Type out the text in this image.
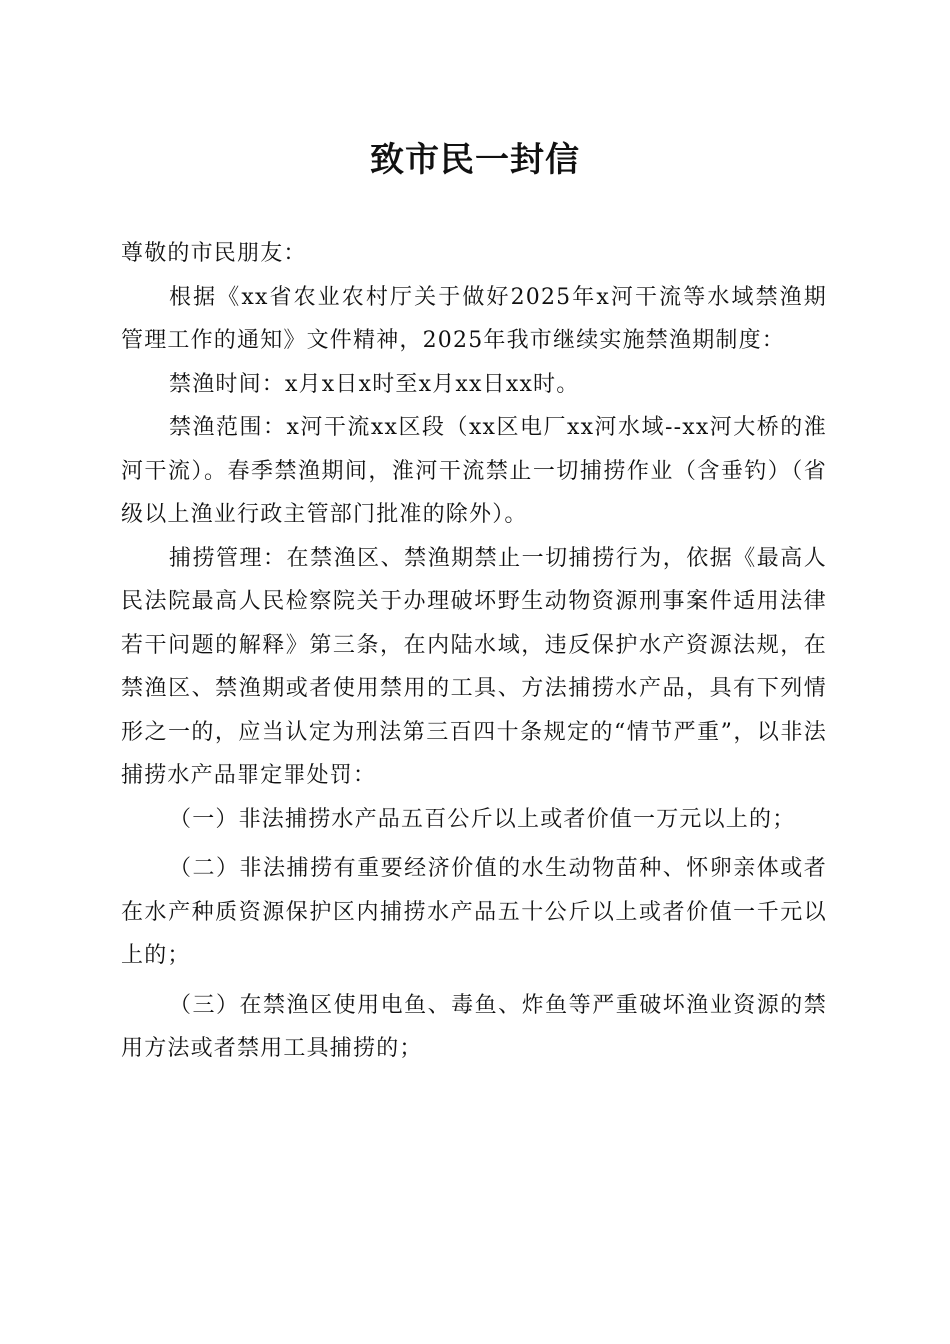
致市民一封信

尊敬的市民朋友：

根据《xx省农业农村厅关于做好2025年x河干流等水域禁渔期管理工作的通知》文件精神，2025年我市继续实施禁渔期制度：

禁渔时间：x月x日x时至x月xx日xx时。

禁渔范围：x河干流xx区段（xx区电厂xx河水域--xx河大桥的淮河干流）。春季禁渔期间，淮河干流禁止一切捕捞作业（含垂钓）（省级以上渔业行政主管部门批准的除外）。

捕捞管理：在禁渔区、禁渔期禁止一切捕捞行为，依据《最高人民法院最高人民检察院关于办理破坏野生动物资源刑事案件适用法律若干问题的解释》第三条，在内陆水域，违反保护水产资源法规，在禁渔区、禁渔期或者使用禁用的工具、方法捕捞水产品，具有下列情形之一的，应当认定为刑法第三百四十条规定的“情节严重”，以非法捕捞水产品罪定罪处罚：

（一）非法捕捞水产品五百公斤以上或者价值一万元以上的；

（二）非法捕捞有重要经济价值的水生动物苗种、怀卵亲体或者在水产种质资源保护区内捕捞水产品五十公斤以上或者价值一千元以上的；

（三）在禁渔区使用电鱼、毒鱼、炸鱼等严重破坏渔业资源的禁用方法或者禁用工具捕捞的；
